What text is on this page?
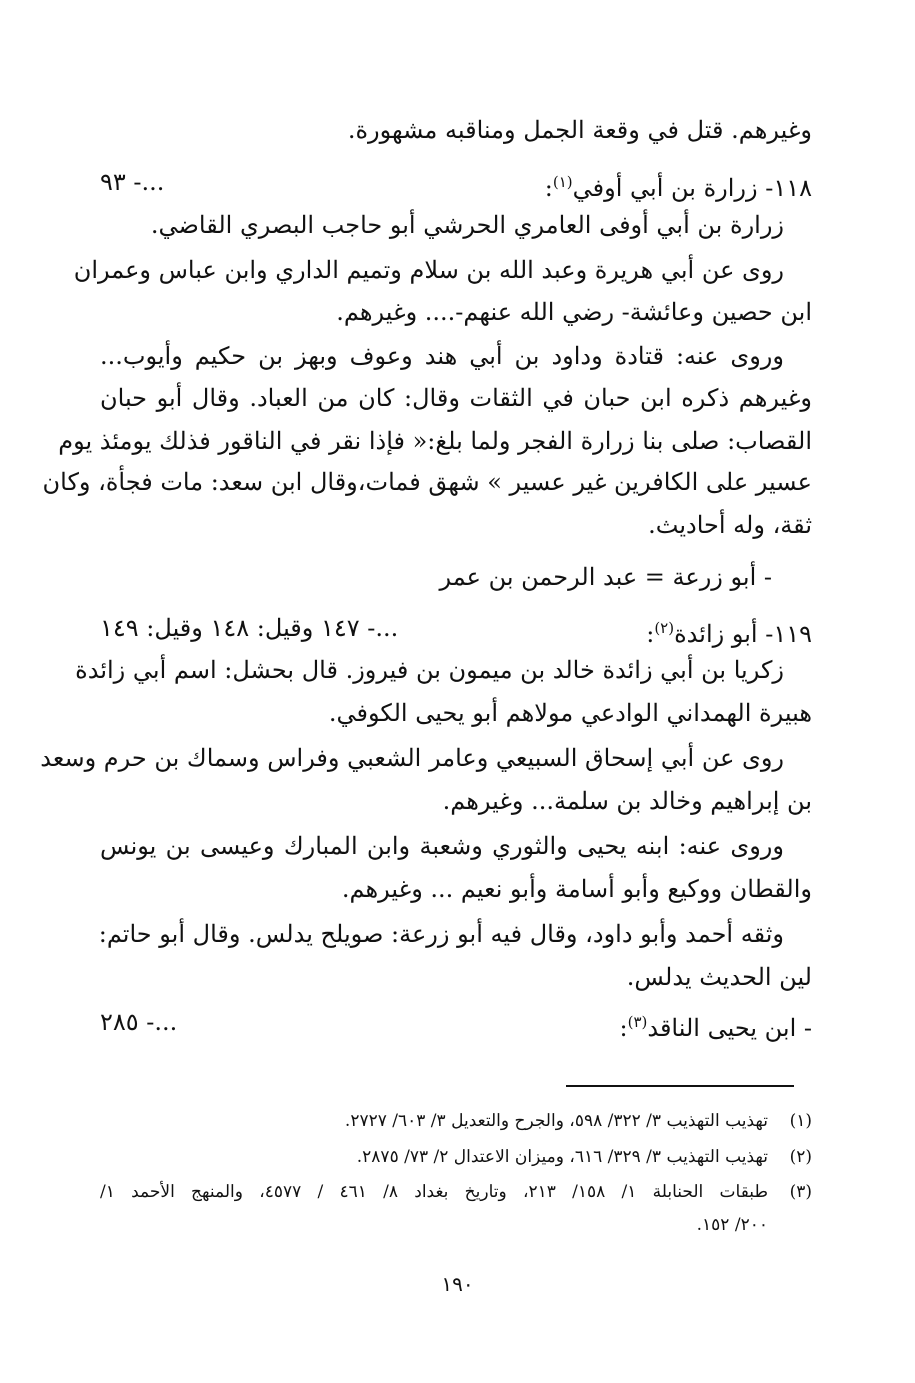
وغيرهم. قتل في وقعة الجمل ومناقبه مشهورة.
١١٨- زرارة بن أبي أوفي$^{(١)}$:
...- ٩٣
زرارة بن أبي أوفى العامري الحرشي أبو حاجب البصري القاضي.
روى عن أبي هريرة وعبد الله بن سلام وتميم الداري وابن عباس وعمران
ابن حصين وعائشة- رضي الله عنهم-.... وغيرهم.
وروى عنه: قتادة وداود بن أبي هند وعوف وبهز بن حكيم وأيوب...
وغيرهم ذكره ابن حبان في الثقات وقال: كان من العباد. وقال أبو حبان
القصاب: صلى بنا زرارة الفجر ولما بلغ:« فإذا نقر في الناقور فذلك يومئذ يوم
عسير على الكافرين غير عسير » شهق فمات،وقال ابن سعد: مات فجأة، وكان
ثقة، وله أحاديث.
- أبو زرعة = عبد الرحمن بن عمر
١١٩- أبو زائدة$^{(٢)}$:
...- ١٤٧ وقيل: ١٤٨ وقيل: ١٤٩
زكريا بن أبي زائدة خالد بن ميمون بن فيروز. قال بحشل: اسم أبي زائدة
هبيرة الهمداني الوادعي مولاهم أبو يحيى الكوفي.
روى عن أبي إسحاق السبيعي وعامر الشعبي وفراس وسماك بن حرم وسعد
بن إبراهيم وخالد بن سلمة... وغيرهم.
وروى عنه: ابنه يحيى والثوري وشعبة وابن المبارك وعيسى بن يونس
والقطان ووكيع وأبو أسامة وأبو نعيم ... وغيرهم.
وثقه أحمد وأبو داود، وقال فيه أبو زرعة: صويلح يدلس. وقال أبو حاتم:
لين الحديث يدلس.
- ابن يحيى الناقد$^{(٣)}$:
...- ٢٨٥
(١)
تهذيب التهذيب ٣/ ٣٢٢/ ٥٩٨، والجرح والتعديل ٣/ ٦٠٣/ ٢٧٢٧.
(٢)
تهذيب التهذيب ٣/ ٣٢٩/ ٦١٦، وميزان الاعتدال ٢/ ٧٣/ ٢٨٧٥.
(٣)
طبقات الحنابلة ١/ ١٥٨/ ٢١٣، وتاريخ بغداد ٨/ ٤٦١ / ٤٥٧٧، والمنهج الأحمد ١/
٢٠٠/ ١٥٢.
١٩٠
